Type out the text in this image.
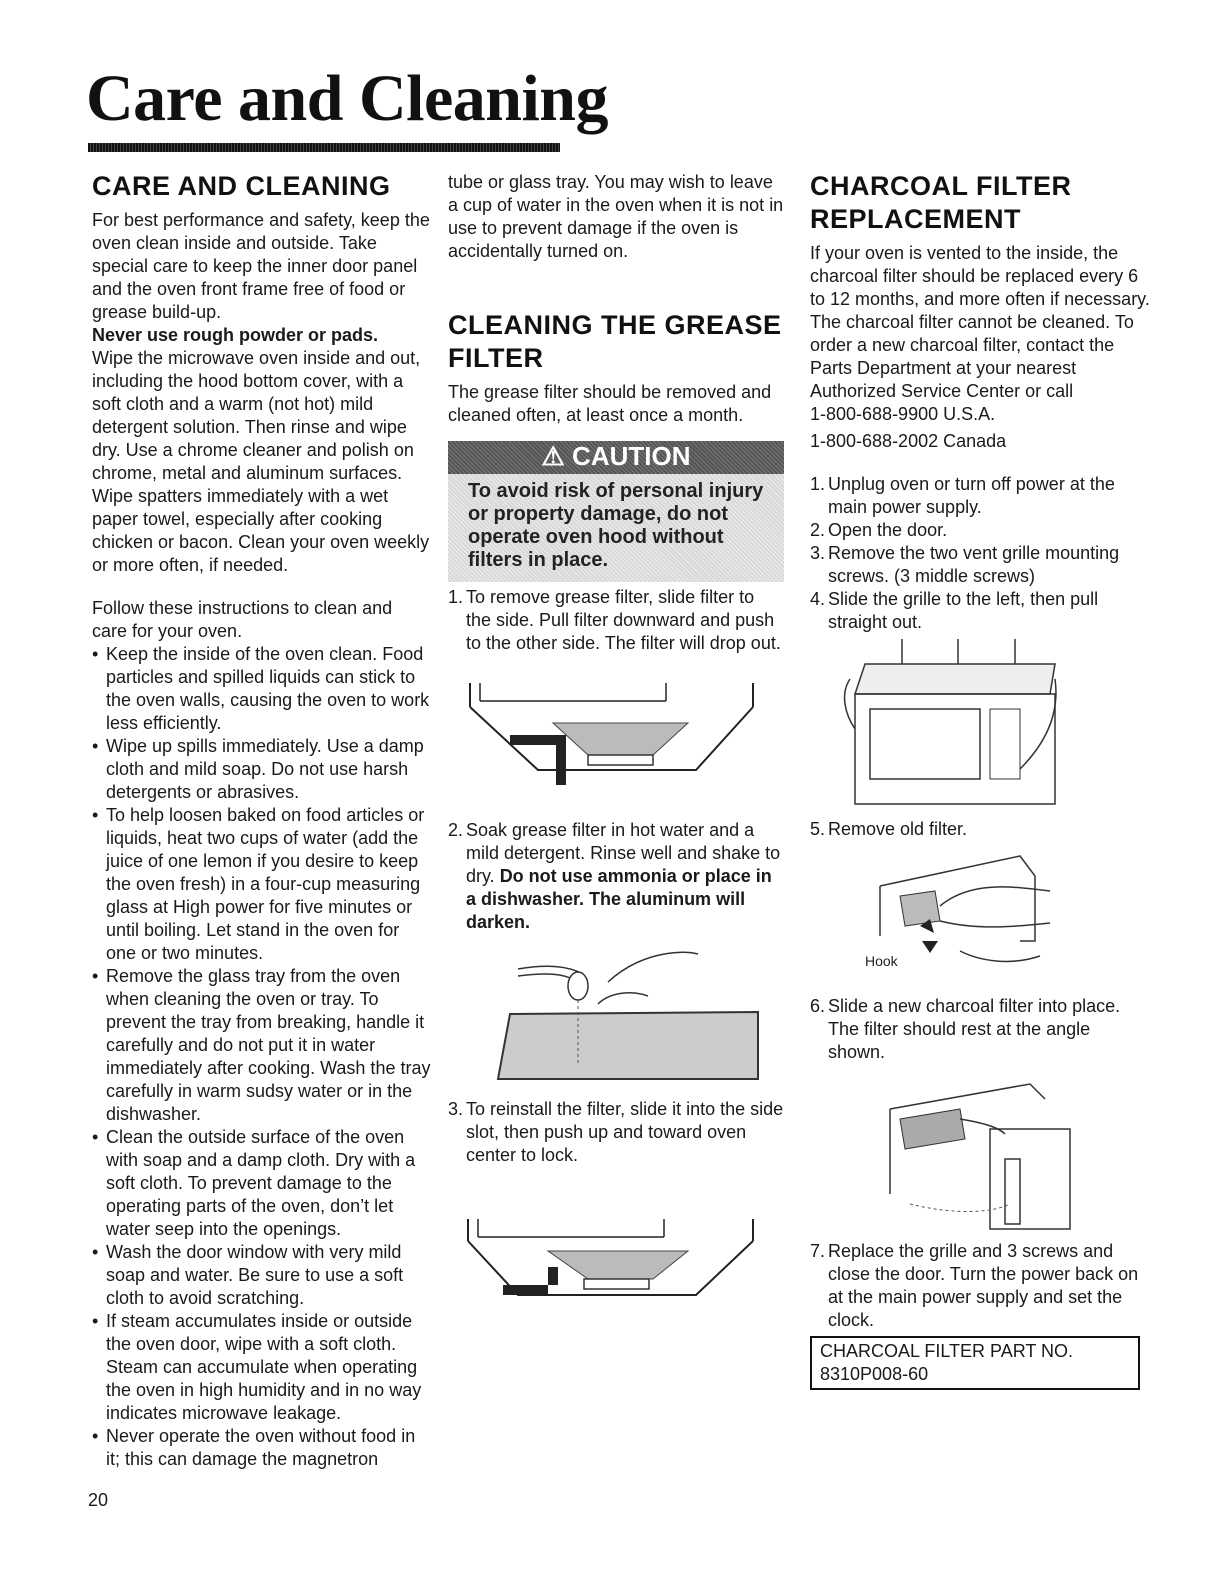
Care and Cleaning
CARE AND CLEANING

For best performance and safety, keep the oven clean inside and outside. Take special care to keep the inner door panel and the oven front frame free of food or grease build-up.

Never use rough powder or pads.

Wipe the microwave oven inside and out, including the hood bottom cover, with a soft cloth and a warm (not hot) mild detergent solution. Then rinse and wipe dry. Use a chrome cleaner and polish on chrome, metal and aluminum surfaces. Wipe spatters immediately with a wet paper towel, especially after cooking chicken or bacon. Clean your oven weekly or more often, if needed.

Follow these instructions to clean and care for your oven.

• Keep the inside of the oven clean. Food particles and spilled liquids can stick to the oven walls, causing the oven to work less efficiently.
• Wipe up spills immediately. Use a damp cloth and mild soap. Do not use harsh detergents or abrasives.
• To help loosen baked on food articles or liquids, heat two cups of water (add the juice of one lemon if you desire to keep the oven fresh) in a four-cup measuring glass at High power for five minutes or until boiling. Let stand in the oven for one or two minutes.
• Remove the glass tray from the oven when cleaning the oven or tray. To prevent the tray from breaking, handle it carefully and do not put it in water immediately after cooking. Wash the tray carefully in warm sudsy water or in the dishwasher.
• Clean the outside surface of the oven with soap and a damp cloth. Dry with a soft cloth. To prevent damage to the operating parts of the oven, don’t let water seep into the openings.
• Wash the door window with very mild soap and water. Be sure to use a soft cloth to avoid scratching.
• If steam accumulates inside or outside the oven door, wipe with a soft cloth. Steam can accumulate when operating the oven in high humidity and in no way indicates microwave leakage.
• Never operate the oven without food in it; this can damage the magnetron

tube or glass tray. You may wish to leave a cup of water in the oven when it is not in use to prevent damage if the oven is accidentally turned on.

CLEANING THE GREASE FILTER

The grease filter should be removed and cleaned often, at least once a month.

⚠ CAUTION
To avoid risk of personal injury or property damage, do not operate oven hood without filters in place.
1. To remove grease filter, slide filter to the side. Pull filter downward and push to the other side. The filter will drop out.
2. Soak grease filter in hot water and a mild detergent. Rinse well and shake to dry. Do not use ammonia or place in a dishwasher. The aluminum will darken.
3. To reinstall the filter, slide it into the side slot, then push up and toward oven center to lock.
CHARCOAL FILTER REPLACEMENT

If your oven is vented to the inside, the charcoal filter should be replaced every 6 to 12 months, and more often if necessary. The charcoal filter cannot be cleaned. To order a new charcoal filter, contact the Parts Department at your nearest Authorized Service Center or call

1-800-688-9900 U.S.A.

1-800-688-2002 Canada

1. Unplug oven or turn off power at the main power supply.
2. Open the door.
3. Remove the two vent grille mounting screws. (3 middle screws)
4. Slide the grille to the left, then pull straight out.
5. Remove old filter.
Hook
6. Slide a new charcoal filter into place. The filter should rest at the angle shown.
7. Replace the grille and 3 screws and close the door. Turn the power back on at the main power supply and set the clock.
CHARCOAL FILTER PART NO.
8310P008-60
20
